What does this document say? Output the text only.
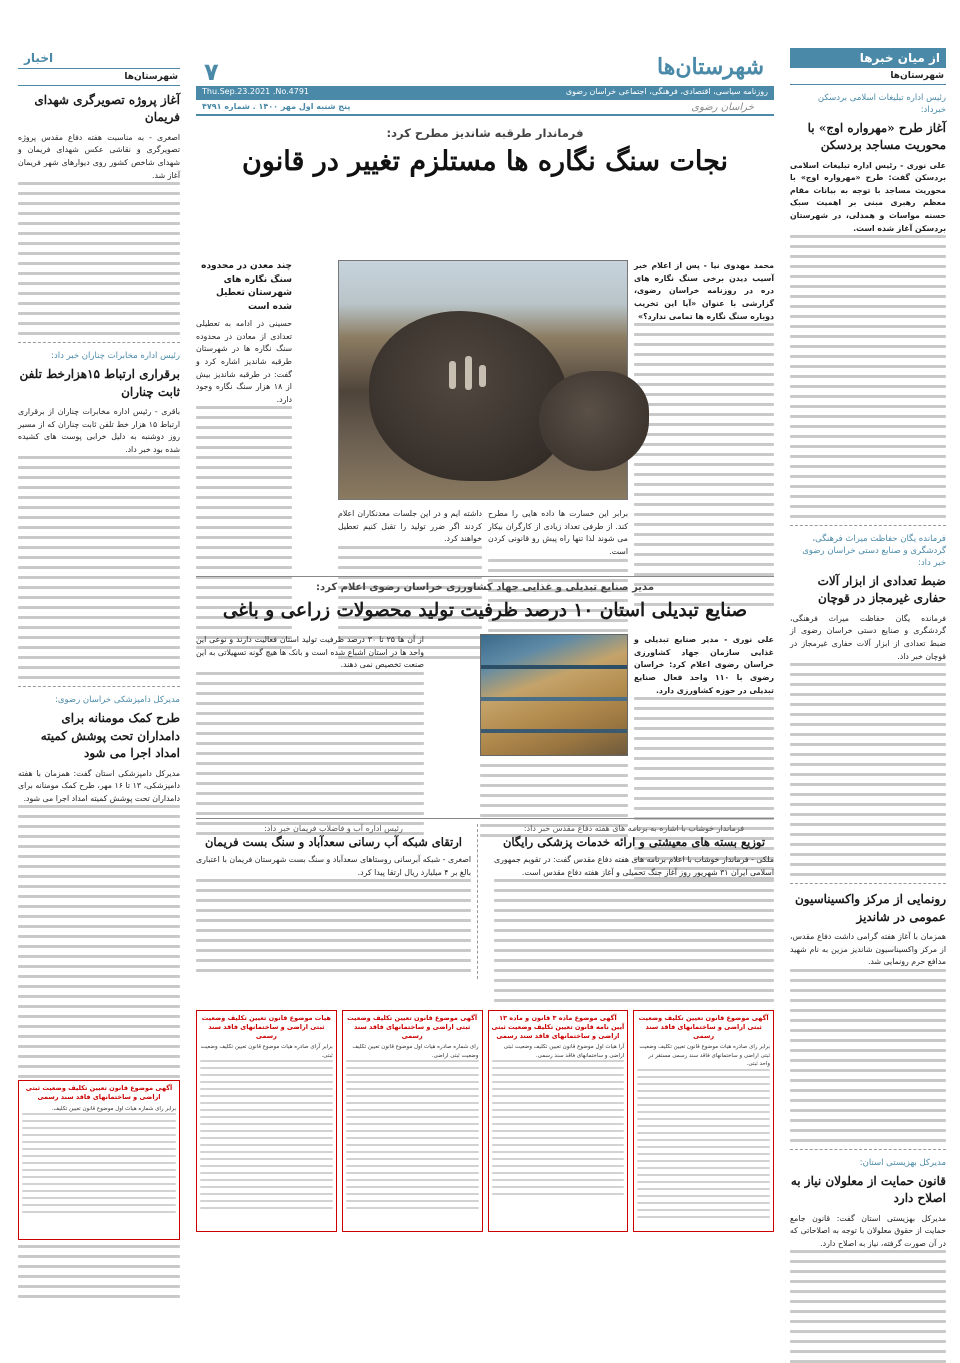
از میان خبرها
شهرستان‌ها
رئیس اداره تبلیغات اسلامی بردسکن خبرداد:
آغاز طرح «مهرواره اوج» با محوریت مساجد بردسکن
علی نوری - رئیس اداره تبلیغات اسلامی بردسکن گفت: طرح «مهرواره اوج» با محوریت مساجد با توجه به بیانات مقام معظم رهبری مبنی بر اهمیت سبک حسنه مواسات و همدلی، در شهرستان بردسکن آغاز شده است.
فرمانده یگان حفاظت میراث فرهنگی، گردشگری و صنایع دستی خراسان رضوی خبر داد:
ضبط تعدادی از ابزار آلات حفاری غیرمجاز در قوچان
فرمانده یگان حفاظت میراث فرهنگی، گردشگری و صنایع دستی خراسان رضوی از ضبط تعدادی از ابزار آلات حفاری غیرمجاز در قوچان خبر داد.
رونمایی از مرکز واکسیناسیون عمومی در شاندیز
همزمان با آغاز هفته گرامی داشت دفاع مقدس، از مرکز واکسیناسیون شاندیز مزین به نام شهید مدافع حرم رونمایی شد.
مدیرکل بهزیستی استان:
قانون حمایت از معلولان نیاز به اصلاح دارد
مدیرکل بهزیستی استان گفت: قانون جامع حمایت از حقوق معلولان با توجه به اصلاحاتی که در آن صورت گرفته، نیاز به اصلاح دارد.
اخبار
شهرستان‌ها
آغاز پروژه تصویرگری شهدای فریمان
اصغری - به مناسبت هفته دفاع مقدس پروژه تصویرگری و نقاشی عکس شهدای فریمان و شهدای شاخص کشور روی دیوارهای شهر فریمان آغاز شد.
رئیس اداره مخابرات چناران خبر داد:
برقراری ارتباط ۱۵هزارخط تلفن ثابت چناران
باقری - رئیس اداره مخابرات چناران از برقراری ارتباط ۱۵ هزار خط تلفن ثابت چناران که از مسیر روز دوشنبه به دلیل خرابی پوست های کشیده شده بود خبر داد.
مدیرکل دامپزشکی خراسان رضوی:
طرح کمک مومنانه برای دامداران تحت پوشش کمیته امداد اجرا می شود
مدیرکل دامپزشکی استان گفت: همزمان با هفته دامپزشکی، ۱۳ تا ۱۶ مهر، طرح کمک مومنانه برای دامداران تحت پوشش کمیته امداد اجرا می شود.
شهرستان‌ها
۷
روزنامه سیاسی، اقتصادی، فرهنگی، اجتماعی خراسان رضوی
Thu.Sep.23.2021 .No.4791
پنج شنبه اول مهر ۱۴۰۰ . شماره ۴۷۹۱	خراسان رضوی
فرماندار طرقبه شاندیز مطرح کرد:
نجات سنگ نگاره ها مستلزم تغییر در قانون
محمد مهدوی نیا - پس از اعلام خبر آسیب دیدن برخی سنگ نگاره های دره در روزنامه خراسان رضوی، گزارشی با عنوان «آیا این تخریب دوباره سنگ نگاره ها تمامی ندارد؟»
چند معدن در محدوده سنگ نگاره های شهرستان تعطیل شده است
حسینی در ادامه به تعطیلی تعدادی از معادن در محدوده سنگ نگاره ها در شهرستان طرقبه شاندیز اشاره کرد و گفت: در طرقبه شاندیز بیش از ۱۸ هزار سنگ نگاره وجود دارد.
برابر این خسارت ها داده هایی را مطرح کند. از طرفی تعداد زیادی از کارگران بیکار می شوند لذا تنها راه پیش رو قانونی کردن است.
داشته ایم و در این جلسات معدنکاران اعلام کردند اگر ضرر تولید را تقبل کنیم تعطیل خواهند کرد.
مدیر صنایع تبدیلی و غذایی جهاد کشاورزی خراسان رضوی اعلام کرد:
صنایع تبدیلی استان ۱۰ درصد ظرفیت تولید محصولات زراعی و باغی
علی نوری - مدیر صنایع تبدیلی و غذایی سازمان جهاد کشاورزی خراسان رضوی اعلام کرد: خراسان رضوی با ۱۱۰ واحد فعال صنایع تبدیلی در حوزه کشاورزی دارد.
از آن ها ۲۵ تا ۳۰ درصد ظرفیت تولید استان فعالیت دارند و نوعی این واحد ها در استان اشباع شده است و بانک ها هیچ گونه تسهیلاتی به این صنعت تخصیص نمی دهند.
فرماندار خوشاب با اشاره به برنامه های هفته دفاع مقدس خبر داد:
توزیع بسته های معیشتی و ارائه خدمات پزشکی رایگان
ملکی - فرماندار خوشاب با اعلام برنامه های هفته دفاع مقدس گفت: در تقویم جمهوری اسلامی ایران ۳۱ شهریور روز آغاز جنگ تحمیلی و آغاز هفته دفاع مقدس است.
رئیس اداره آب و فاضلاب فریمان خبر داد:
ارتقای شبکه آب رسانی سعدآباد و سنگ بست فریمان
اصغری - شبکه آبرسانی روستاهای سعدآباد و سنگ بست شهرستان فریمان با اعتباری بالغ بر ۴ میلیارد ریال ارتقا پیدا کرد.
آگهی موضوع قانون تعیین تکلیف وضعیت ثبتی اراضی و ساختمانهای فاقد سند رسمی
برابر رای صادره هیات موضوع قانون تعیین تکلیف وضعیت ثبتی اراضی و ساختمانهای فاقد سند رسمی مستقر در واحد ثبتی.
آگهی موضوع ماده ۳ قانون و ماده ۱۳ آیین نامه قانون تعیین تکلیف وضعیت ثبتی اراضی و ساختمانهای فاقد سند رسمی
آرا هیات اول موضوع قانون تعیین تکلیف وضعیت ثبتی اراضی و ساختمانهای فاقد سند رسمی.
آگهی موضوع قانون تعیین تکلیف وضعیت ثبتی اراضی و ساختمانهای فاقد سند رسمی
رای شماره صادره هیات اول موضوع قانون تعیین تکلیف وضعیت ثبتی اراضی.
هیات موضوع قانون تعیین تکلیف وضعیت ثبتی اراضی و ساختمانهای فاقد سند رسمی
برابر آرای صادره هیات موضوع قانون تعیین تکلیف وضعیت ثبتی.
آگهی موضوع قانون تعیین تکلیف وضعیت ثبتی اراضی و ساختمانهای فاقد سند رسمی
برابر رای شماره هیات اول موضوع قانون تعیین تکلیف.
